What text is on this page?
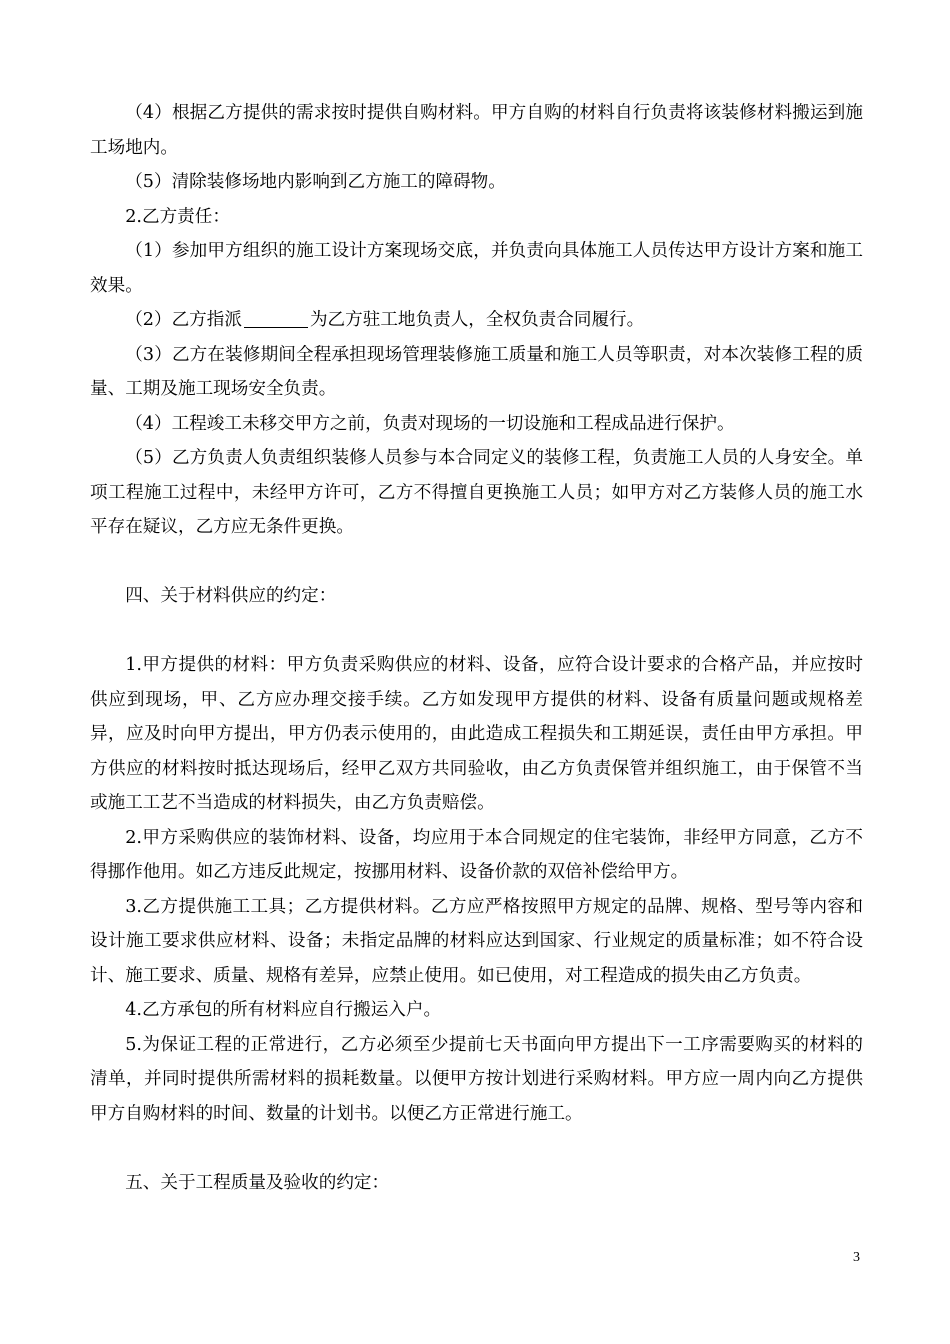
（4）根据乙方提供的需求按时提供自购材料。甲方自购的材料自行负责将该装修材料搬运到施工场地内。

（5）清除装修场地内影响到乙方施工的障碍物。

2.乙方责任：

（1）参加甲方组织的施工设计方案现场交底，并负责向具体施工人员传达甲方设计方案和施工效果。

（2）乙方指派	为乙方驻工地负责人，全权负责合同履行。

（3）乙方在装修期间全程承担现场管理装修施工质量和施工人员等职责，对本次装修工程的质量、工期及施工现场安全负责。

（4）工程竣工未移交甲方之前，负责对现场的一切设施和工程成品进行保护。

（5）乙方负责人负责组织装修人员参与本合同定义的装修工程，负责施工人员的人身安全。单项工程施工过程中，未经甲方许可，乙方不得擅自更换施工人员；如甲方对乙方装修人员的施工水平存在疑议，乙方应无条件更换。

四、关于材料供应的约定：

1.甲方提供的材料：甲方负责采购供应的材料、设备，应符合设计要求的合格产品，并应按时供应到现场，甲、乙方应办理交接手续。乙方如发现甲方提供的材料、设备有质量问题或规格差异，应及时向甲方提出，甲方仍表示使用的，由此造成工程损失和工期延误，责任由甲方承担。甲方供应的材料按时抵达现场后，经甲乙双方共同验收，由乙方负责保管并组织施工，由于保管不当或施工工艺不当造成的材料损失，由乙方负责赔偿。

2.甲方采购供应的装饰材料、设备，均应用于本合同规定的住宅装饰，非经甲方同意，乙方不得挪作他用。如乙方违反此规定，按挪用材料、设备价款的双倍补偿给甲方。

3.乙方提供施工工具；乙方提供材料。乙方应严格按照甲方规定的品牌、规格、型号等内容和设计施工要求供应材料、设备；未指定品牌的材料应达到国家、行业规定的质量标准；如不符合设计、施工要求、质量、规格有差异，应禁止使用。如已使用，对工程造成的损失由乙方负责。

4.乙方承包的所有材料应自行搬运入户。

5.为保证工程的正常进行，乙方必须至少提前七天书面向甲方提出下一工序需要购买的材料的清单，并同时提供所需材料的损耗数量。以便甲方按计划进行采购材料。甲方应一周内向乙方提供甲方自购材料的时间、数量的计划书。以便乙方正常进行施工。

五、关于工程质量及验收的约定：

3
